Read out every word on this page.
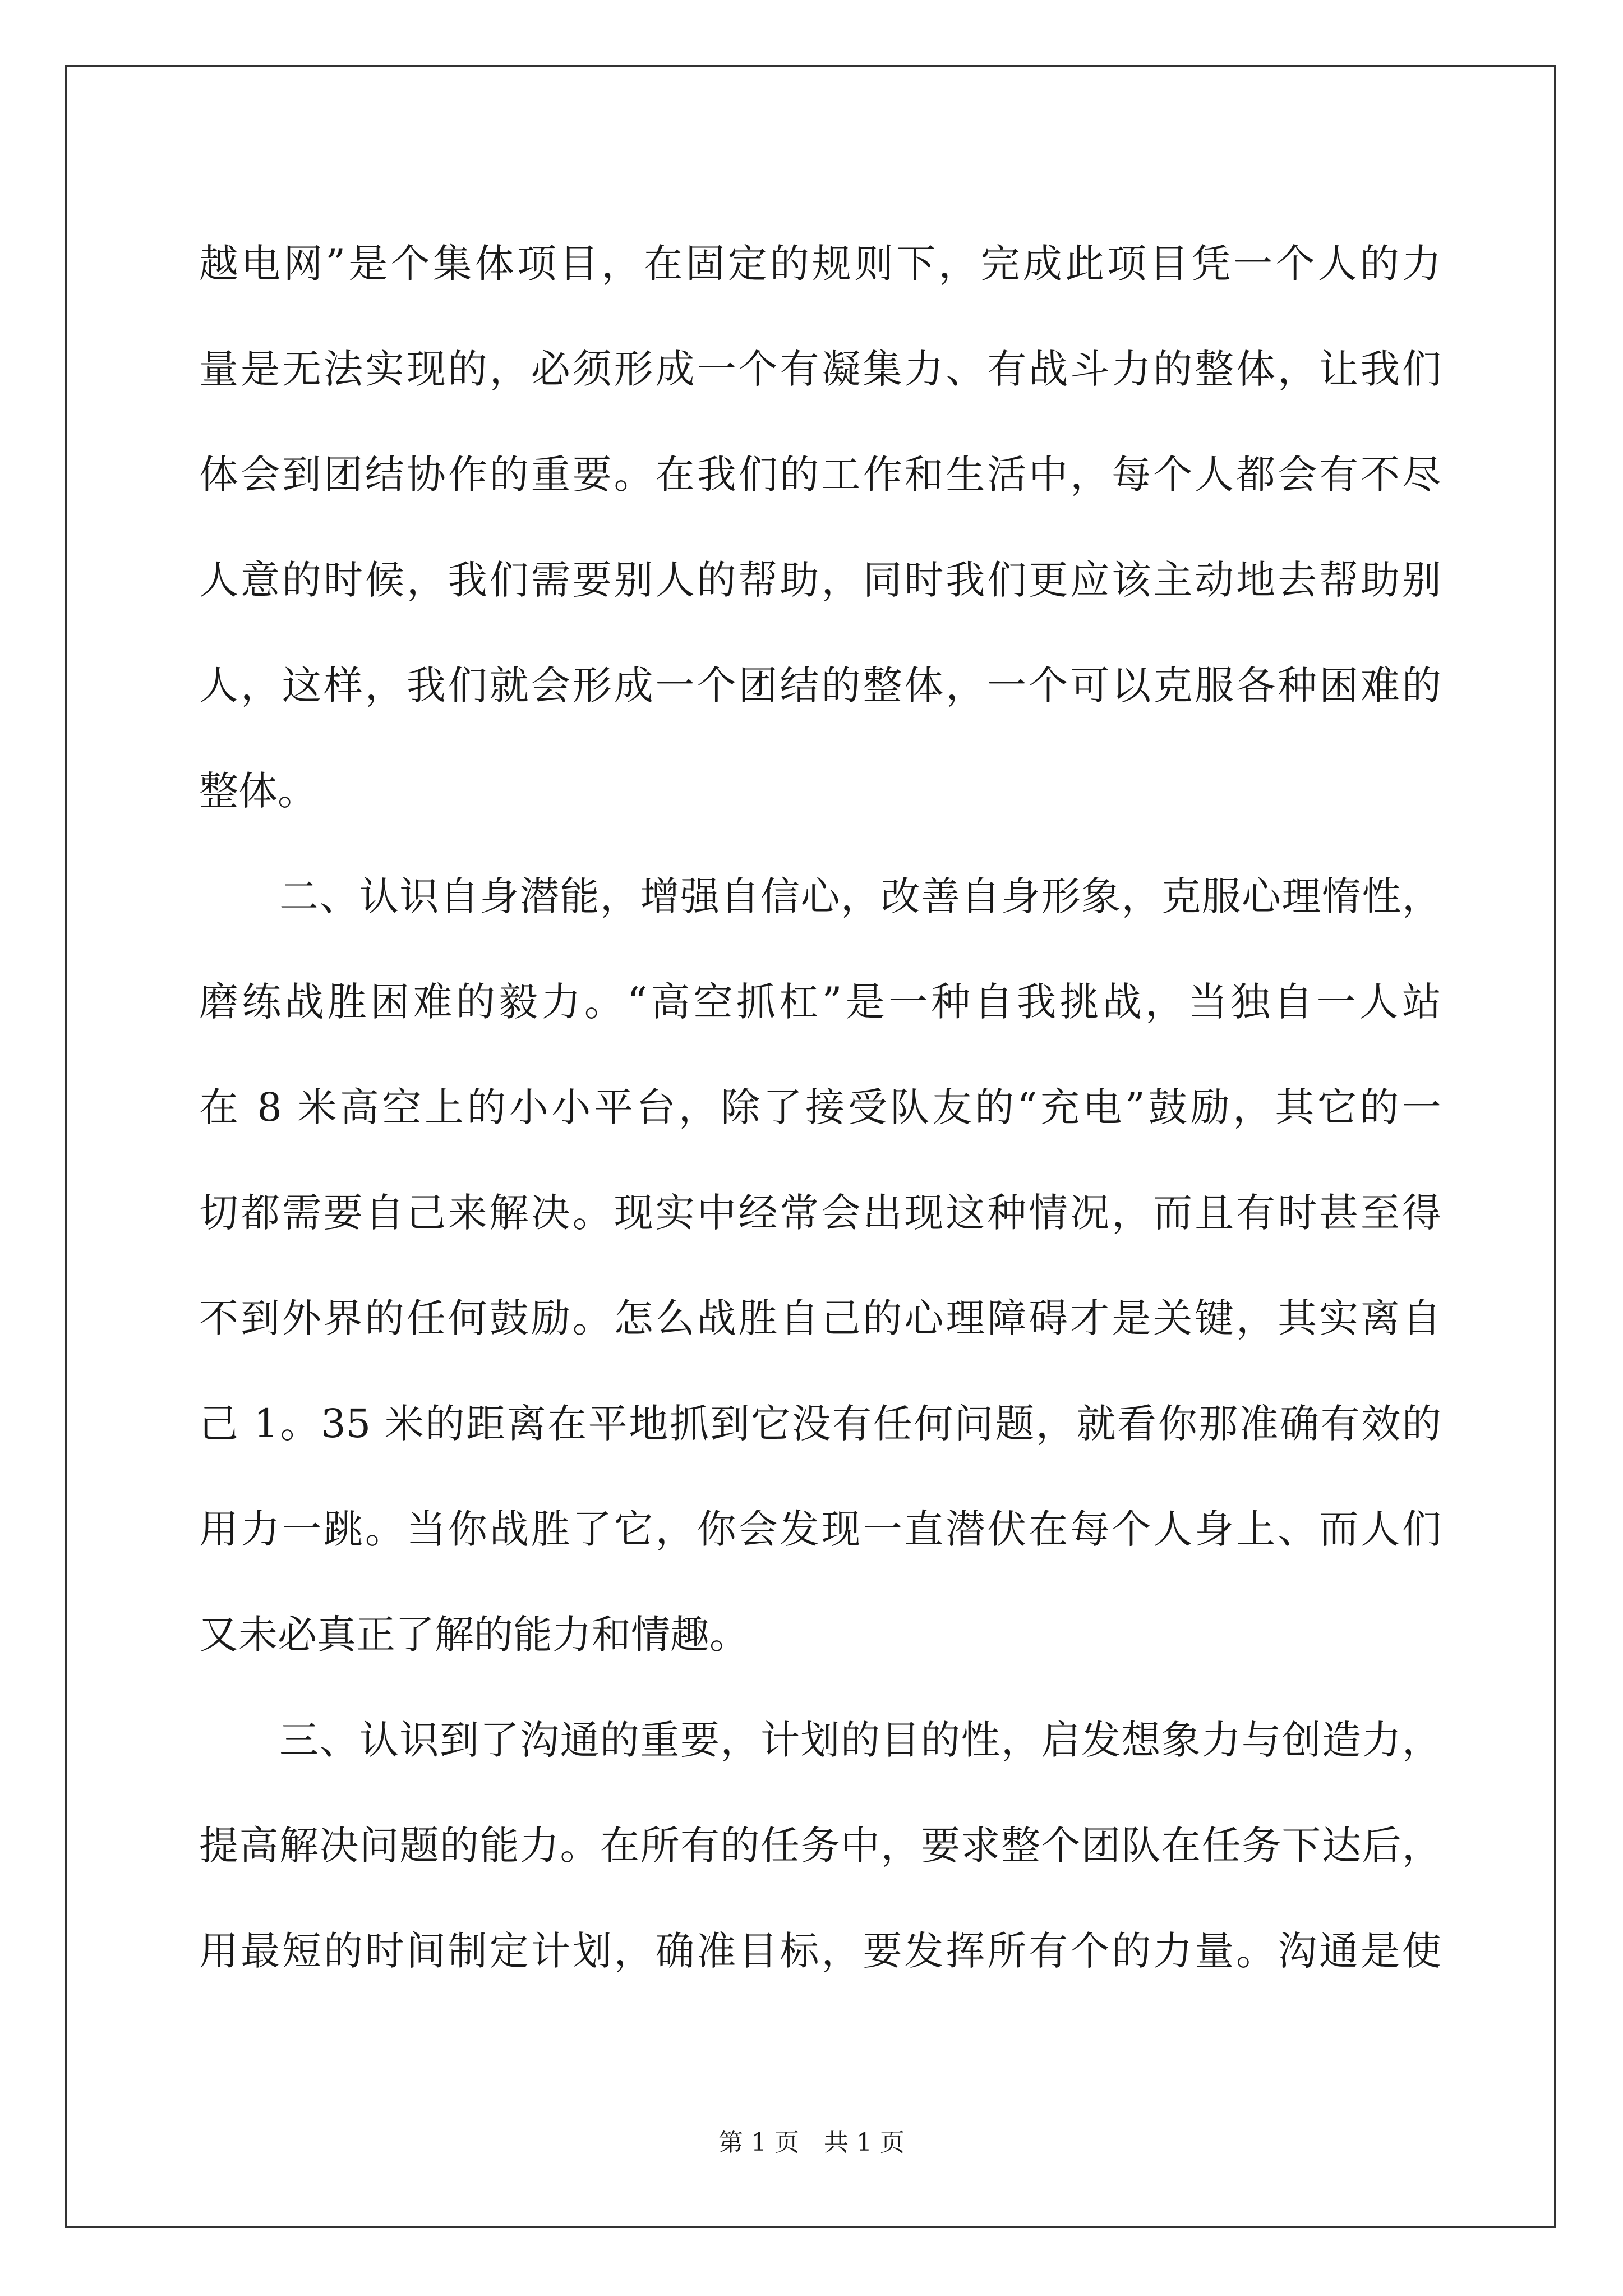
越电网”是个集体项目，在固定的规则下，完成此项目凭一个人的力
量是无法实现的，必须形成一个有凝集力、有战斗力的整体，让我们
体会到团结协作的重要。在我们的工作和生活中，每个人都会有不尽
人意的时候，我们需要别人的帮助，同时我们更应该主动地去帮助别
人，这样，我们就会形成一个团结的整体，一个可以克服各种困难的
整体。
　　二、认识自身潜能，增强自信心，改善自身形象，克服心理惰性，
磨练战胜困难的毅力。“高空抓杠”是一种自我挑战，当独自一人站
在 8 米高空上的小小平台，除了接受队友的“充电”鼓励，其它的一
切都需要自己来解决。现实中经常会出现这种情况，而且有时甚至得
不到外界的任何鼓励。怎么战胜自己的心理障碍才是关键，其实离自
己 1。35 米的距离在平地抓到它没有任何问题，就看你那准确有效的
用力一跳。当你战胜了它，你会发现一直潜伏在每个人身上、而人们
又未必真正了解的能力和情趣。
　　三、认识到了沟通的重要，计划的目的性，启发想象力与创造力，
提高解决问题的能力。在所有的任务中，要求整个团队在任务下达后，
用最短的时间制定计划，确准目标，要发挥所有个的力量。沟通是使
第 1 页　共 1 页
